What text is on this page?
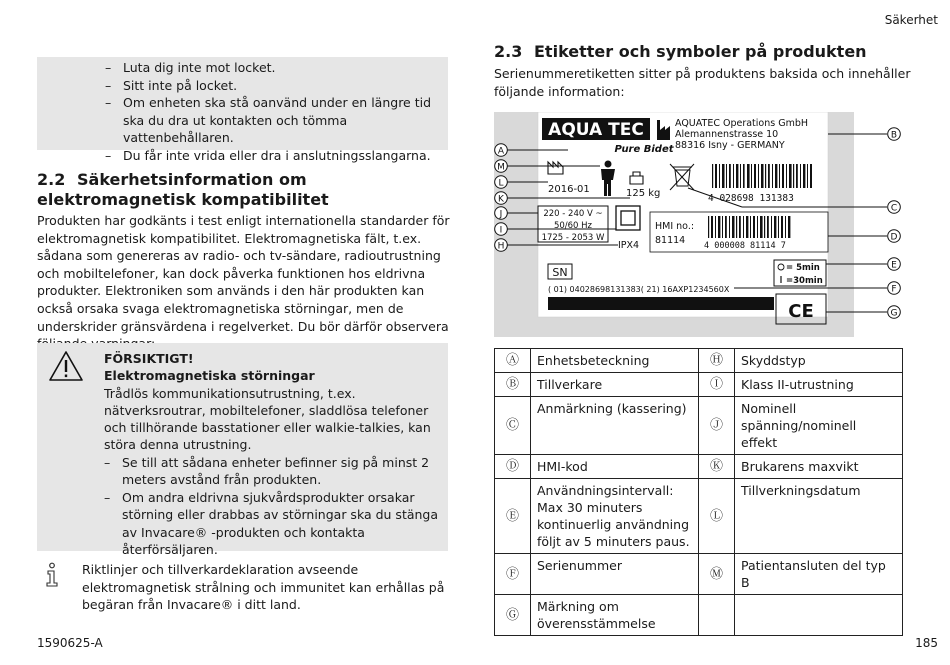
Säkerhet
1590625-A	185
– Luta dig inte mot locket.
– Sitt inte på locket.
– Om enheten ska stå oanvänd under en längre tid ska du dra ut kontakten och tömma vattenbehållaren.
– Du får inte vrida eller dra i anslutningsslangarna.
2.2 Säkerhetsinformation om elektromagnetisk kompatibilitet
Produkten har godkänts i test enligt internationella standarder för elektromagnetisk kompatibilitet. Elektromagnetiska fält, t.ex. sådana som genereras av radio- och tv-sändare, radioutrustning och mobiltelefoner, kan dock påverka funktionen hos eldrivna produkter. Elektroniken som används i den här produkten kan också orsaka svaga elektromagnetiska störningar, men de underskrider gränsvärdena i regelverket. Du bör därför observera
FÖRSIKTIGT!
Elektromagnetiska störningar
Trådlös kommunikationsutrustning, t.ex. nätverksroutrar, mobiltelefoner, sladdlösa telefoner och tillhörande basstationer eller walkie-talkies, kan störa denna utrustning.
– Se till att sådana enheter befinner sig på minst 2 meters avstånd från produkten.
– Om andra eldrivna sjukvårdsprodukter orsakar störning eller drabbas av störningar ska du stänga av Invacare® -produkten och kontakta återförsäljaren.
Riktlinjer och tillverkardeklaration avseende elektromagnetisk strålning och immunitet kan erhållas på begäran från Invacare® i ditt land.
2.3 Etiketter och symboler på produkten
Serienummeretiketten sitter på produktens baksida och innehåller följande information:
AQUA TEC
Pure Bidet
AQUATEC Operations GmbH
Alemannenstrasse 10
88316 Isny - GERMANY
2016-01	125 kg	4 028698 131383
220 - 240 V ~
50/60 Hz
1725 - 2053 W
IPX4
HMI no.:
81114 4 000008 81114 7
SN	= 5min
=30min
( 01) 04028698131383( 21) 16AXP1234560X
CE
A
M
L
K
J
I
H
B
C
D
E
F
G
Ⓐ	Enhetsbeteckning	Ⓗ	Skyddstyp
Ⓑ	Tillverkare	Ⓘ	Klass II-utrustning
Ⓒ	Anmärkning (kassering)	Ⓙ	Nominell spänning/nominell effekt
Ⓓ	HMI-kod	Ⓚ	Brukarens maxvikt
Ⓔ	Användningsintervall: Max 30 minuters kontinuerlig användning följt av 5 minuters paus.	Ⓛ	Tillverkningsdatum
Ⓕ	Serienummer	Ⓜ	Patientansluten del typ B
Ⓖ	Märkning om överensstämmelse		
